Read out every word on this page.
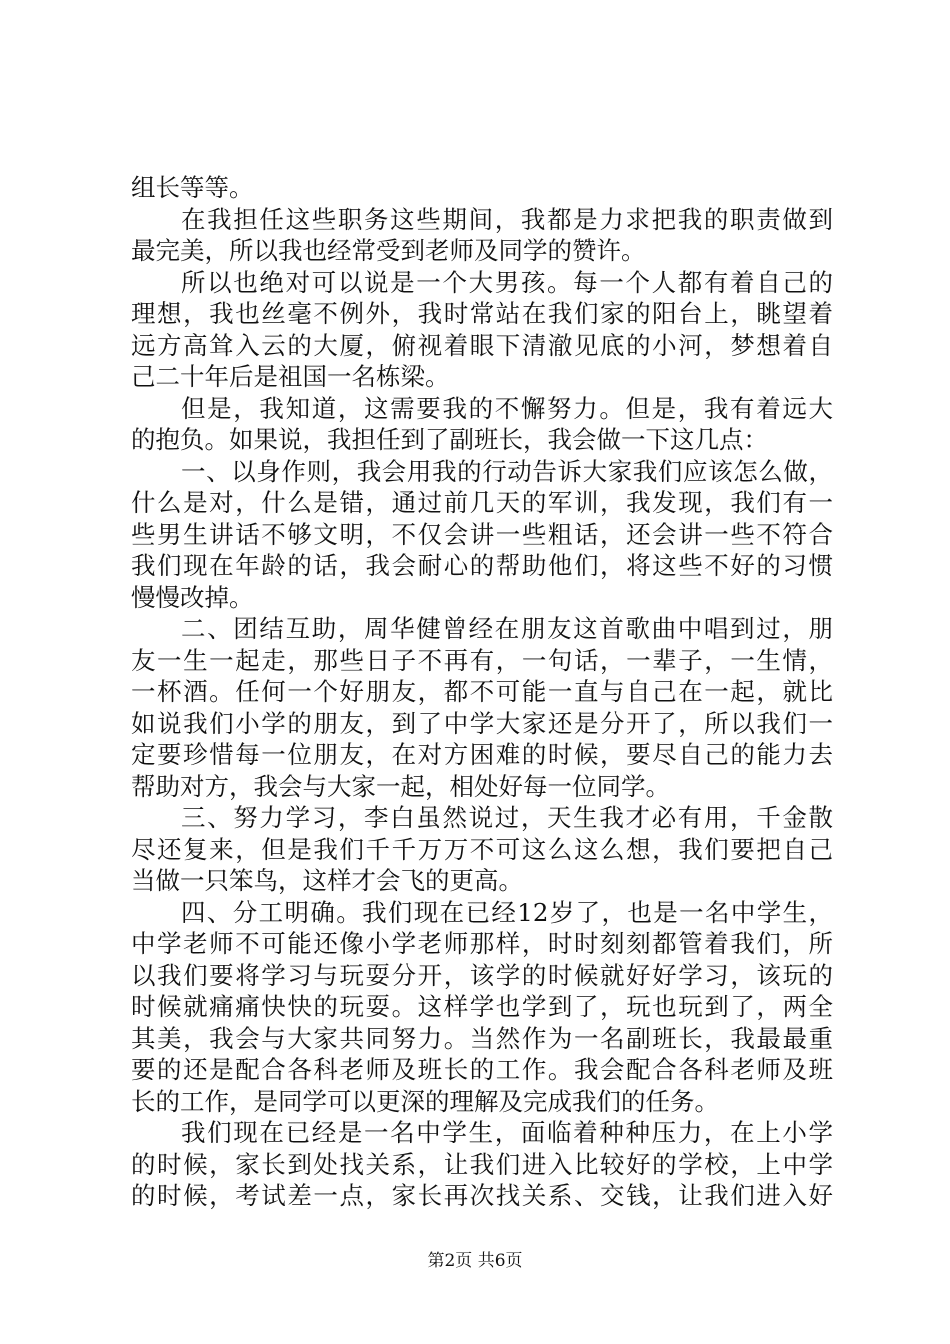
组长等等。

在我担任这些职务这些期间，我都是力求把我的职责做到
最完美，所以我也经常受到老师及同学的赞许。

所以也绝对可以说是一个大男孩。每一个人都有着自己的
理想，我也丝毫不例外，我时常站在我们家的阳台上，眺望着
远方高耸入云的大厦，俯视着眼下清澈见底的小河，梦想着自
己二十年后是祖国一名栋梁。

但是，我知道，这需要我的不懈努力。但是，我有着远大
的抱负。如果说，我担任到了副班长，我会做一下这几点：

一、以身作则，我会用我的行动告诉大家我们应该怎么做，
什么是对，什么是错，通过前几天的军训，我发现，我们有一
些男生讲话不够文明，不仅会讲一些粗话，还会讲一些不符合
我们现在年龄的话，我会耐心的帮助他们，将这些不好的习惯
慢慢改掉。

二、团结互助，周华健曾经在朋友这首歌曲中唱到过，朋
友一生一起走，那些日子不再有，一句话，一辈子，一生情，
一杯酒。任何一个好朋友，都不可能一直与自己在一起，就比
如说我们小学的朋友，到了中学大家还是分开了，所以我们一
定要珍惜每一位朋友，在对方困难的时候，要尽自己的能力去
帮助对方，我会与大家一起，相处好每一位同学。

三、努力学习，李白虽然说过，天生我才必有用，千金散
尽还复来，但是我们千千万万不可这么这么想，我们要把自己
当做一只笨鸟，这样才会飞的更高。

四、分工明确。我们现在已经12岁了，也是一名中学生，
中学老师不可能还像小学老师那样，时时刻刻都管着我们，所
以我们要将学习与玩耍分开，该学的时候就好好学习，该玩的
时候就痛痛快快的玩耍。这样学也学到了，玩也玩到了，两全
其美，我会与大家共同努力。当然作为一名副班长，我最最重
要的还是配合各科老师及班长的工作。我会配合各科老师及班
长的工作，是同学可以更深的理解及完成我们的任务。

我们现在已经是一名中学生，面临着种种压力，在上小学
的时候，家长到处找关系，让我们进入比较好的学校，上中学
的时候，考试差一点，家长再次找关系、交钱，让我们进入好

第2页 共6页
